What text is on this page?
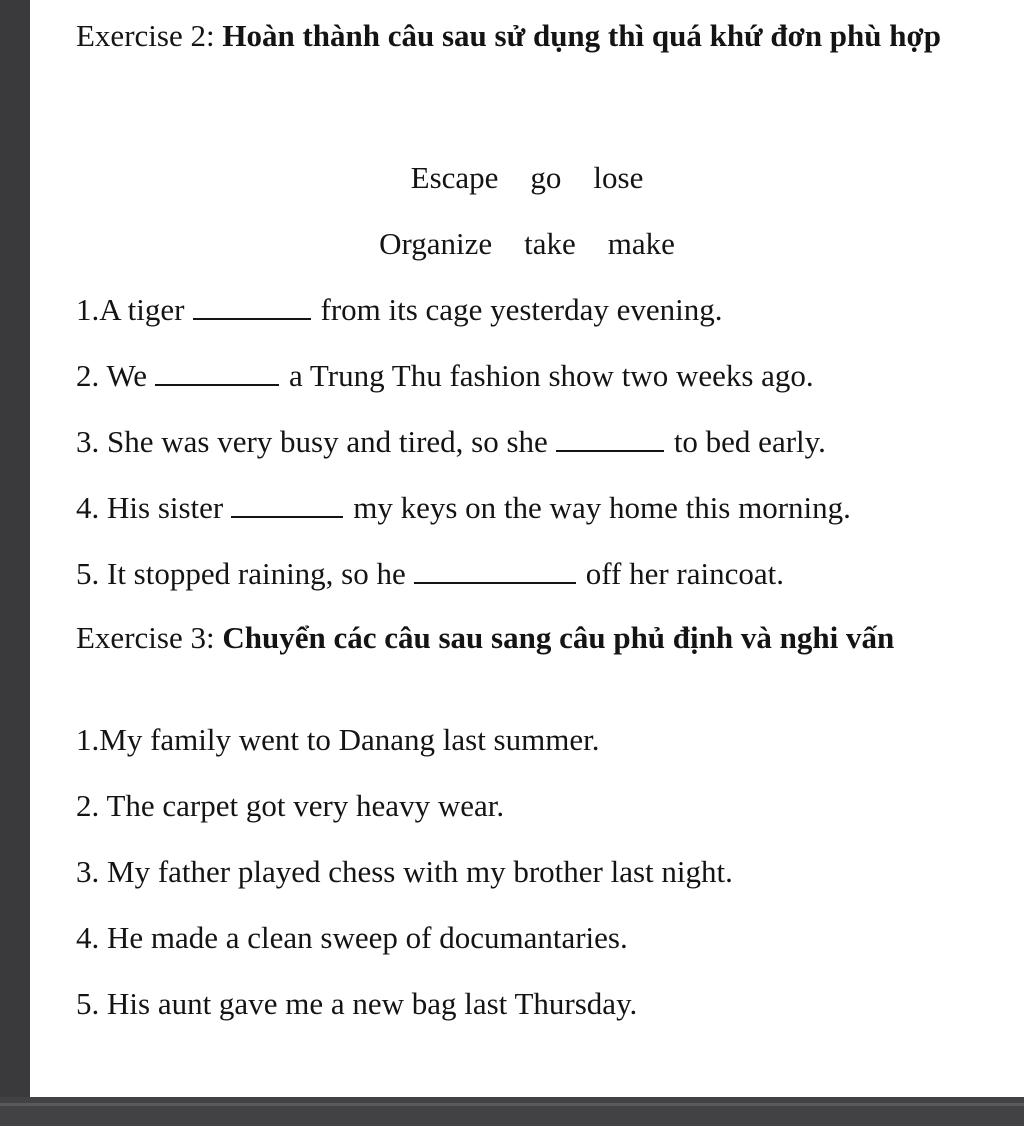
Exercise 2: Hoàn thành câu sau sử dụng thì quá khứ đơn phù hợp
Escape go lose
Organize take make
1.A tiger	from its cage yesterday evening.
2. We	a Trung Thu fashion show two weeks ago.
3. She was very busy and tired, so she	to bed early.
4. His sister	my keys on the way home this morning.
5. It stopped raining, so he	off her raincoat.
Exercise 3: Chuyển các câu sau sang câu phủ định và nghi vấn
1.My family went to Danang last summer.
2. The carpet got very heavy wear.
3. My father played chess with my brother last night.
4. He made a clean sweep of documantaries.
5. His aunt gave me a new bag last Thursday.
